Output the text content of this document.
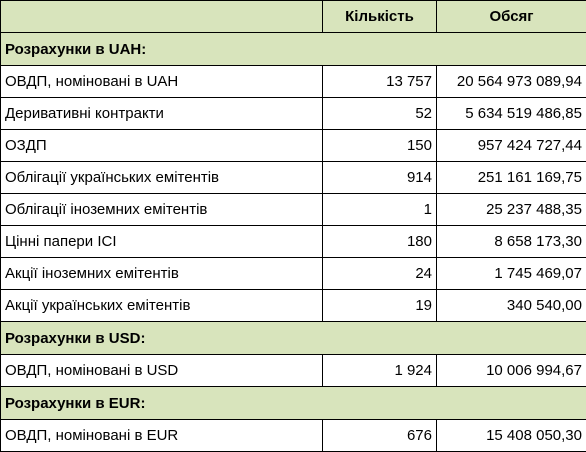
	Кількість	Обсяг
Розрахунки в UAH:		
ОВДП, номіновані в UAH	13 757	20 564 973 089,94
Деривативні контракти	52	5 634 519 486,85
ОЗДП	150	957 424 727,44
Облігації українських емітентів	914	251 161 169,75
Облігації іноземних емітентів	1	25 237 488,35
Цінні папери ICI	180	8 658 173,30
Акції іноземних емітентів	24	1 745 469,07
Акції українських емітентів	19	340 540,00
Розрахунки в USD:		
ОВДП, номіновані в USD	1 924	10 006 994,67
Розрахунки в EUR:		
ОВДП, номіновані в EUR	676	15 408 050,30
